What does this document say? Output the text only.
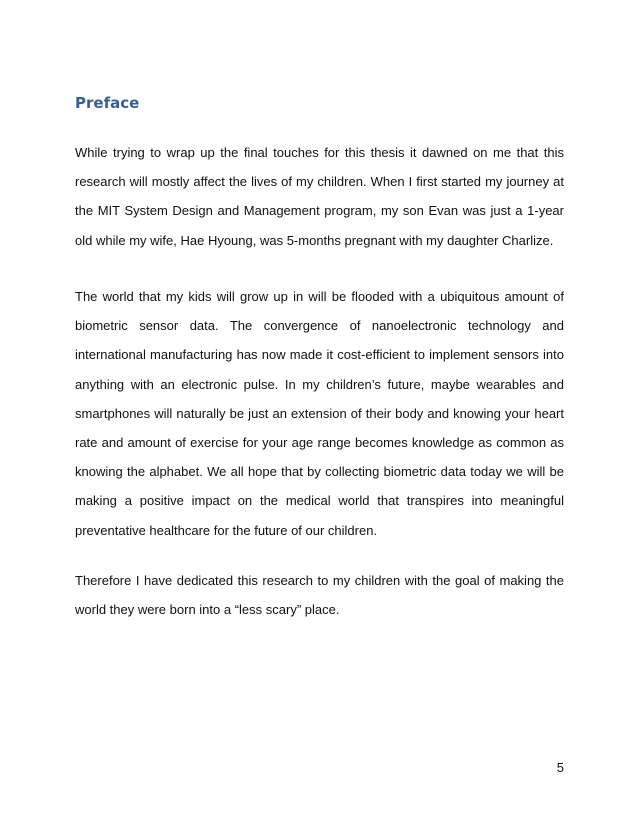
Preface

While trying to wrap up the final touches for this thesis it dawned on me that this research will mostly affect the lives of my children. When I first started my journey at the MIT System Design and Management program, my son Evan was just a 1-year old while my wife, Hae Hyoung, was 5-months pregnant with my daughter Charlize.

The world that my kids will grow up in will be flooded with a ubiquitous amount of biometric sensor data. The convergence of nanoelectronic technology and international manufacturing has now made it cost-efficient to implement sensors into anything with an electronic pulse. In my children’s future, maybe wearables and smartphones will naturally be just an extension of their body and knowing your heart rate and amount of exercise for your age range becomes knowledge as common as knowing the alphabet. We all hope that by collecting biometric data today we will be making a positive impact on the medical world that transpires into meaningful preventative healthcare for the future of our children.

Therefore I have dedicated this research to my children with the goal of making the world they were born into a “less scary” place.

5
